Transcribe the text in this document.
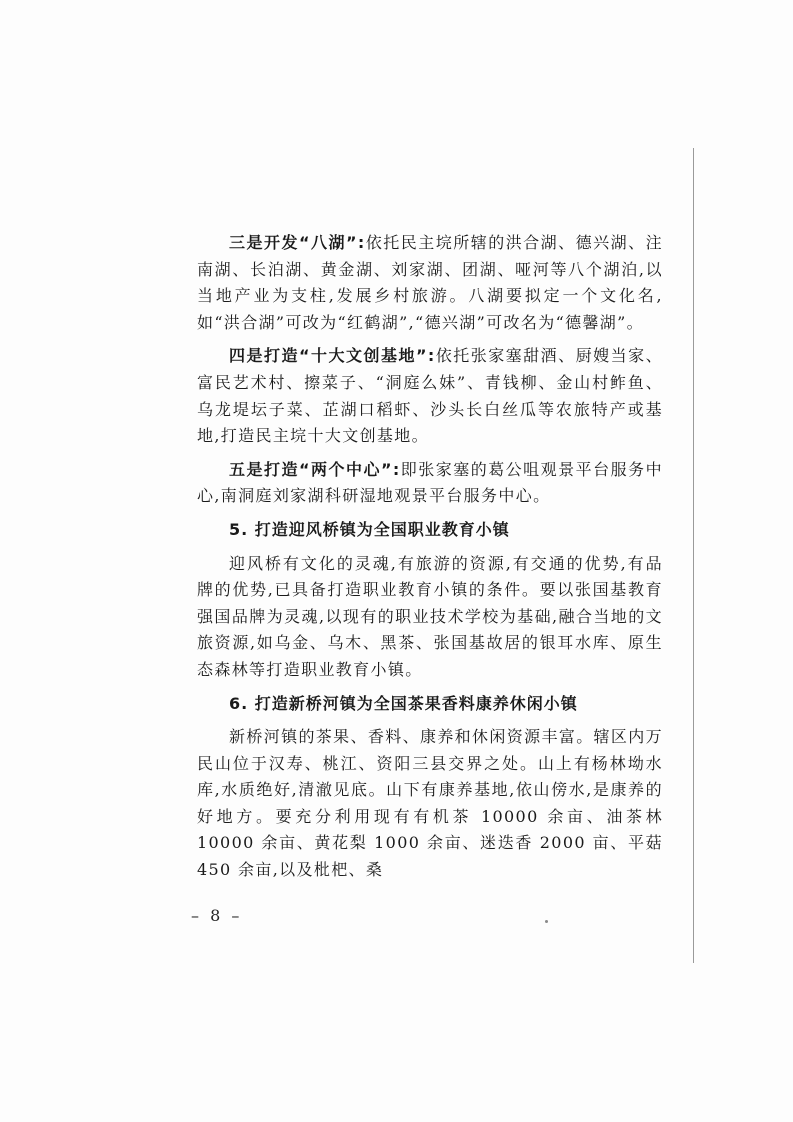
三是开发“八湖”:依托民主垸所辖的洪合湖、德兴湖、注南湖、长泊湖、黄金湖、刘家湖、团湖、哑河等八个湖泊,以当地产业为支柱,发展乡村旅游。八湖要拟定一个文化名,如“洪合湖”可改为“红鹤湖”,“德兴湖”可改名为“德馨湖”。

四是打造“十大文创基地”:依托张家塞甜酒、厨嫂当家、富民艺术村、擦菜子、“洞庭么妹”、青钱柳、金山村鲊鱼、乌龙堤坛子菜、芷湖口稻虾、沙头长白丝瓜等农旅特产或基地,打造民主垸十大文创基地。

五是打造“两个中心”:即张家塞的葛公咀观景平台服务中心,南洞庭刘家湖科研湿地观景平台服务中心。

5. 打造迎风桥镇为全国职业教育小镇

迎风桥有文化的灵魂,有旅游的资源,有交通的优势,有品牌的优势,已具备打造职业教育小镇的条件。要以张国基教育强国品牌为灵魂,以现有的职业技术学校为基础,融合当地的文旅资源,如乌金、乌木、黑茶、张国基故居的银耳水库、原生态森林等打造职业教育小镇。

6. 打造新桥河镇为全国茶果香料康养休闲小镇

新桥河镇的茶果、香料、康养和休闲资源丰富。辖区内万民山位于汉寿、桃江、资阳三县交界之处。山上有杨林坳水库,水质绝好,清澈见底。山下有康养基地,依山傍水,是康养的好地方。要充分利用现有有机茶 10000 余亩、油茶林 10000 余亩、黄花梨 1000 余亩、迷迭香 2000 亩、平菇 450 余亩,以及枇杷、桑

– 8 –
